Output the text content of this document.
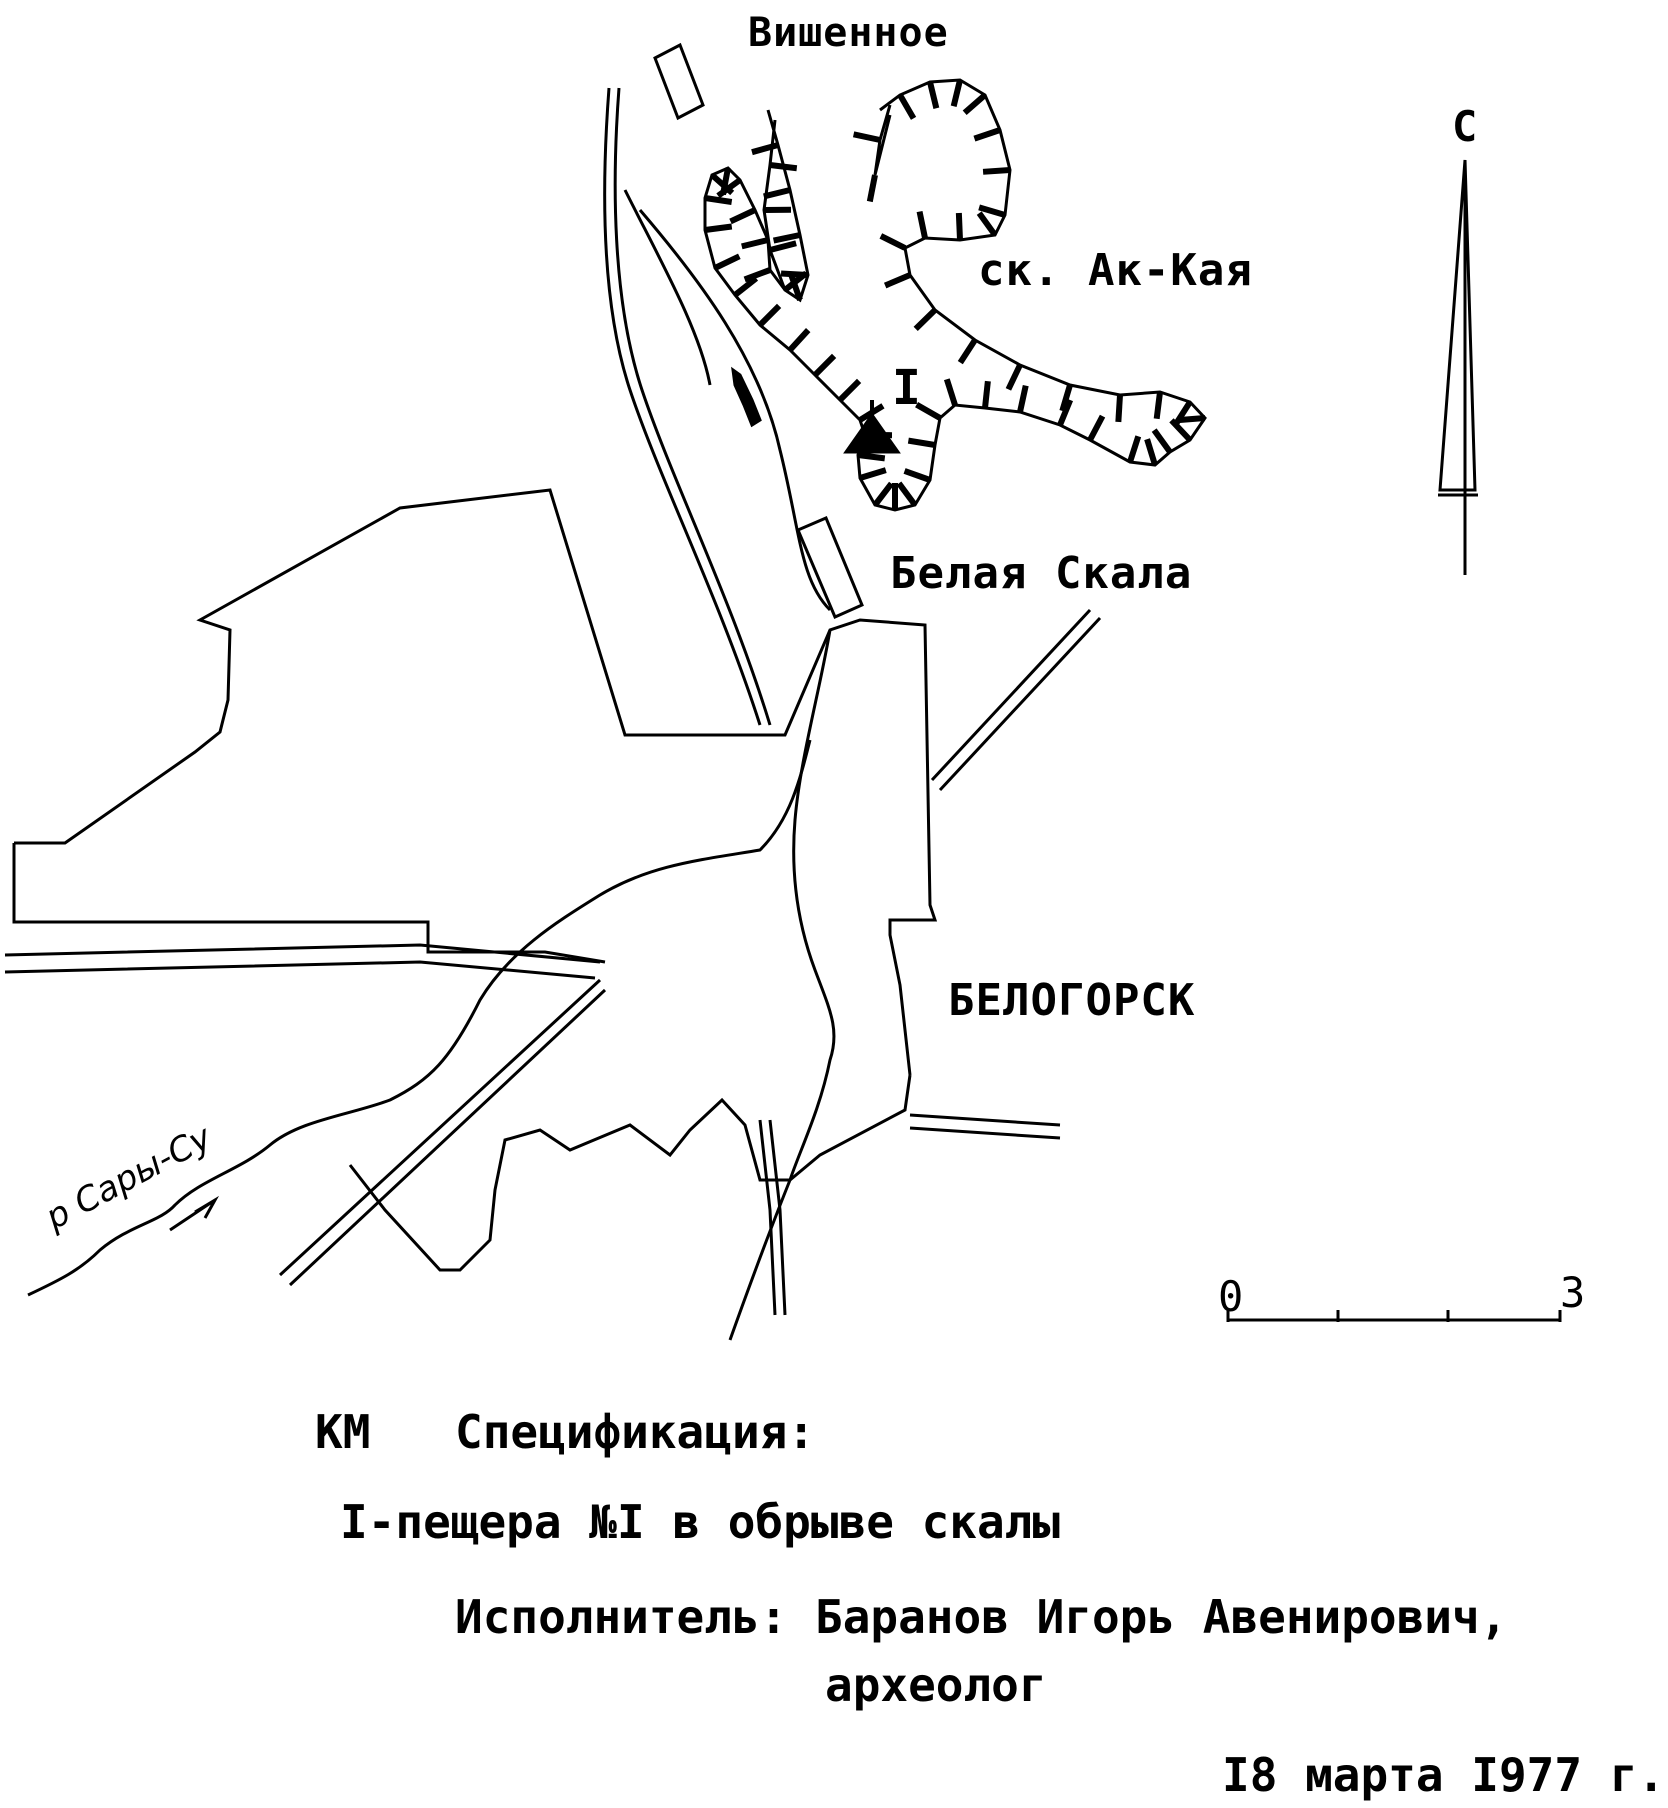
Вишенное
ск. Ак-Кая
I
Белая Скала
БЕЛОГОРСК
С
р Сары-Су
0	3
КМ Спецификация:
I-пещера №I в обрыве скалы
Исполнитель: Баранов Игорь Авенирович,
археолог
I8 марта I977 г.
